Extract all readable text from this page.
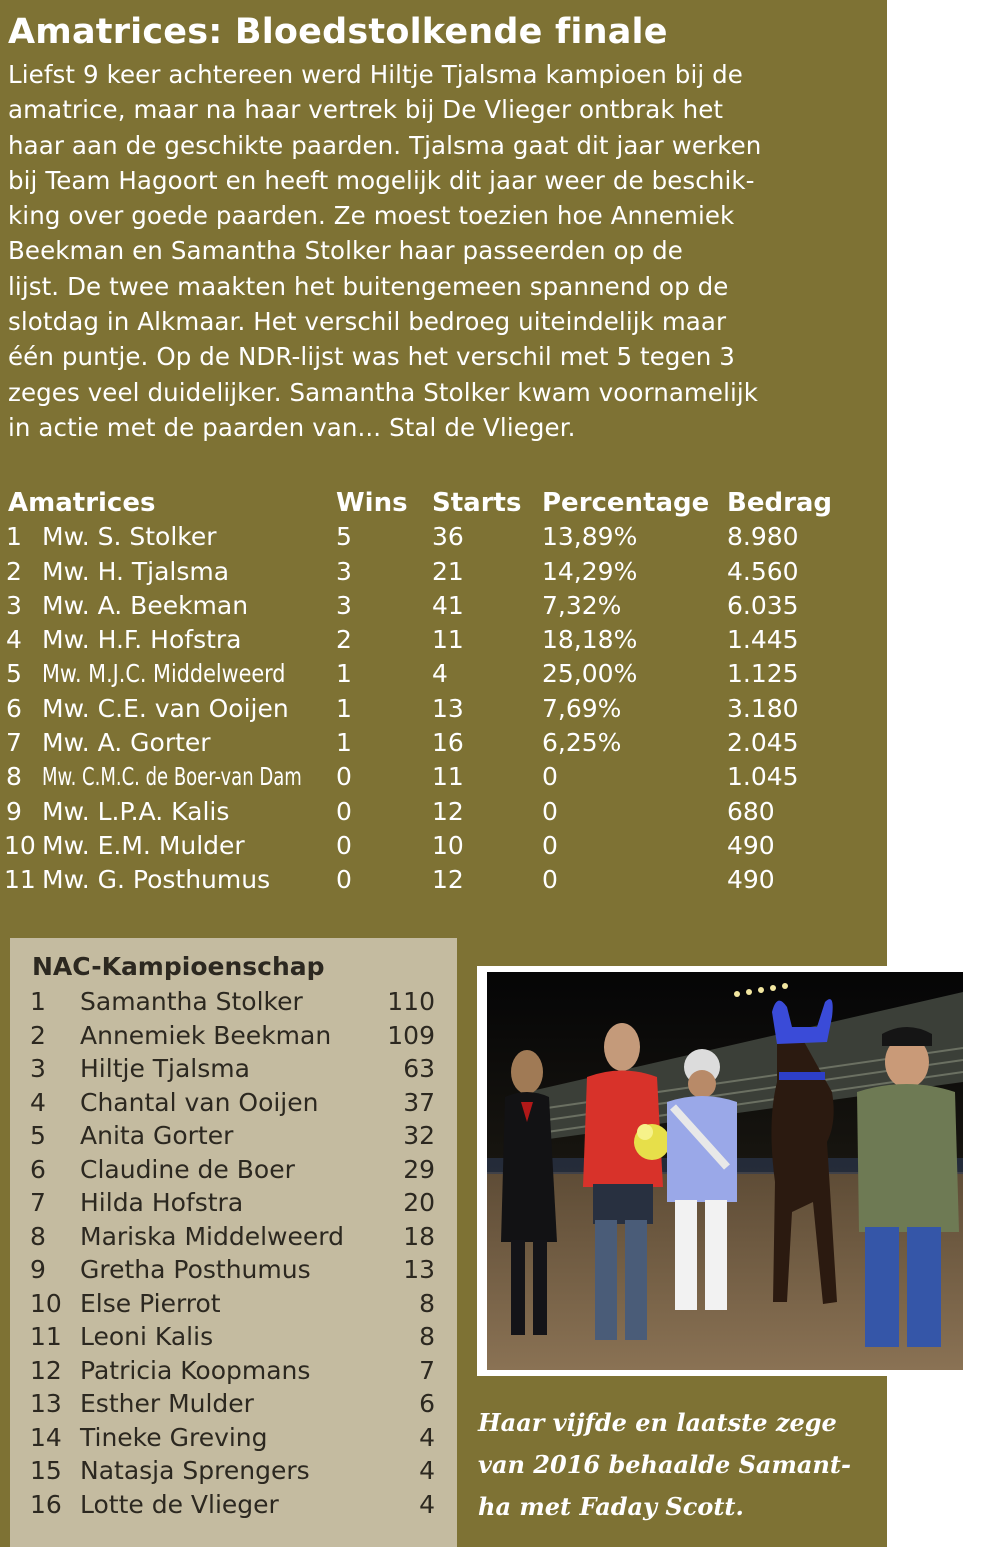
Amatrices: Bloedstolkende finale
Liefst 9 keer achtereen werd Hiltje Tjalsma kampioen bij de
amatrice, maar na haar vertrek bij De Vlieger ontbrak het
haar aan de geschikte paarden. Tjalsma gaat dit jaar werken
bij Team Hagoort en heeft mogelijk dit jaar weer de beschik-
king over goede paarden. Ze moest toezien hoe Annemiek
Beekman en Samantha Stolker haar passeerden op de
lijst. De twee maakten het buitengemeen spannend op de
slotdag in Alkmaar. Het verschil bedroeg uiteindelijk maar
één puntje. Op de NDR-lijst was het verschil met 5 tegen 3
zeges veel duidelijker. Samantha Stolker kwam voornamelijk
in actie met de paarden van... Stal de Vlieger.
Amatrices	Wins Starts Percentage Bedrag
1 Mw. S. Stolker	5	36	13,89%	8.980
2 Mw. H. Tjalsma	3	21	14,29%	4.560
3 Mw. A. Beekman	3	41	7,32%	6.035
4 Mw. H.F. Hofstra	2	11	18,18%	1.445
5 Mw. M.J.C. Middelweerd 1	4	25,00%	1.125
6 Mw. C.E. van Ooijen 1	13	7,69%	3.180
7 Mw. A. Gorter	1	16	6,25%	2.045
8 Mw. C.M.C. de Boer-van Dam 0	11	0	1.045
9 Mw. L.P.A. Kalis	0	12	0	680
10 Mw. E.M. Mulder	0	10	0	490
11 Mw. G. Posthumus	0	12	0	490
NAC-Kampioenschap
1 Samantha Stolker	110
2 Annemiek Beekman 109
3 Hiltje Tjalsma	63
4 Chantal van Ooijen	37
5 Anita Gorter	32
6 Claudine de Boer	29
7 Hilda Hofstra	20
8 Mariska Middelweerd 18
9 Gretha Posthumus	13
10 Else Pierrot	8
11 Leoni Kalis	8
12 Patricia Koopmans	7
13 Esther Mulder	6
14 Tineke Greving	4
15 Natasja Sprengers	4
16 Lotte de Vlieger	4
Haar vijfde en laatste zege
van 2016 behaalde Samant-
ha met Faday Scott.
